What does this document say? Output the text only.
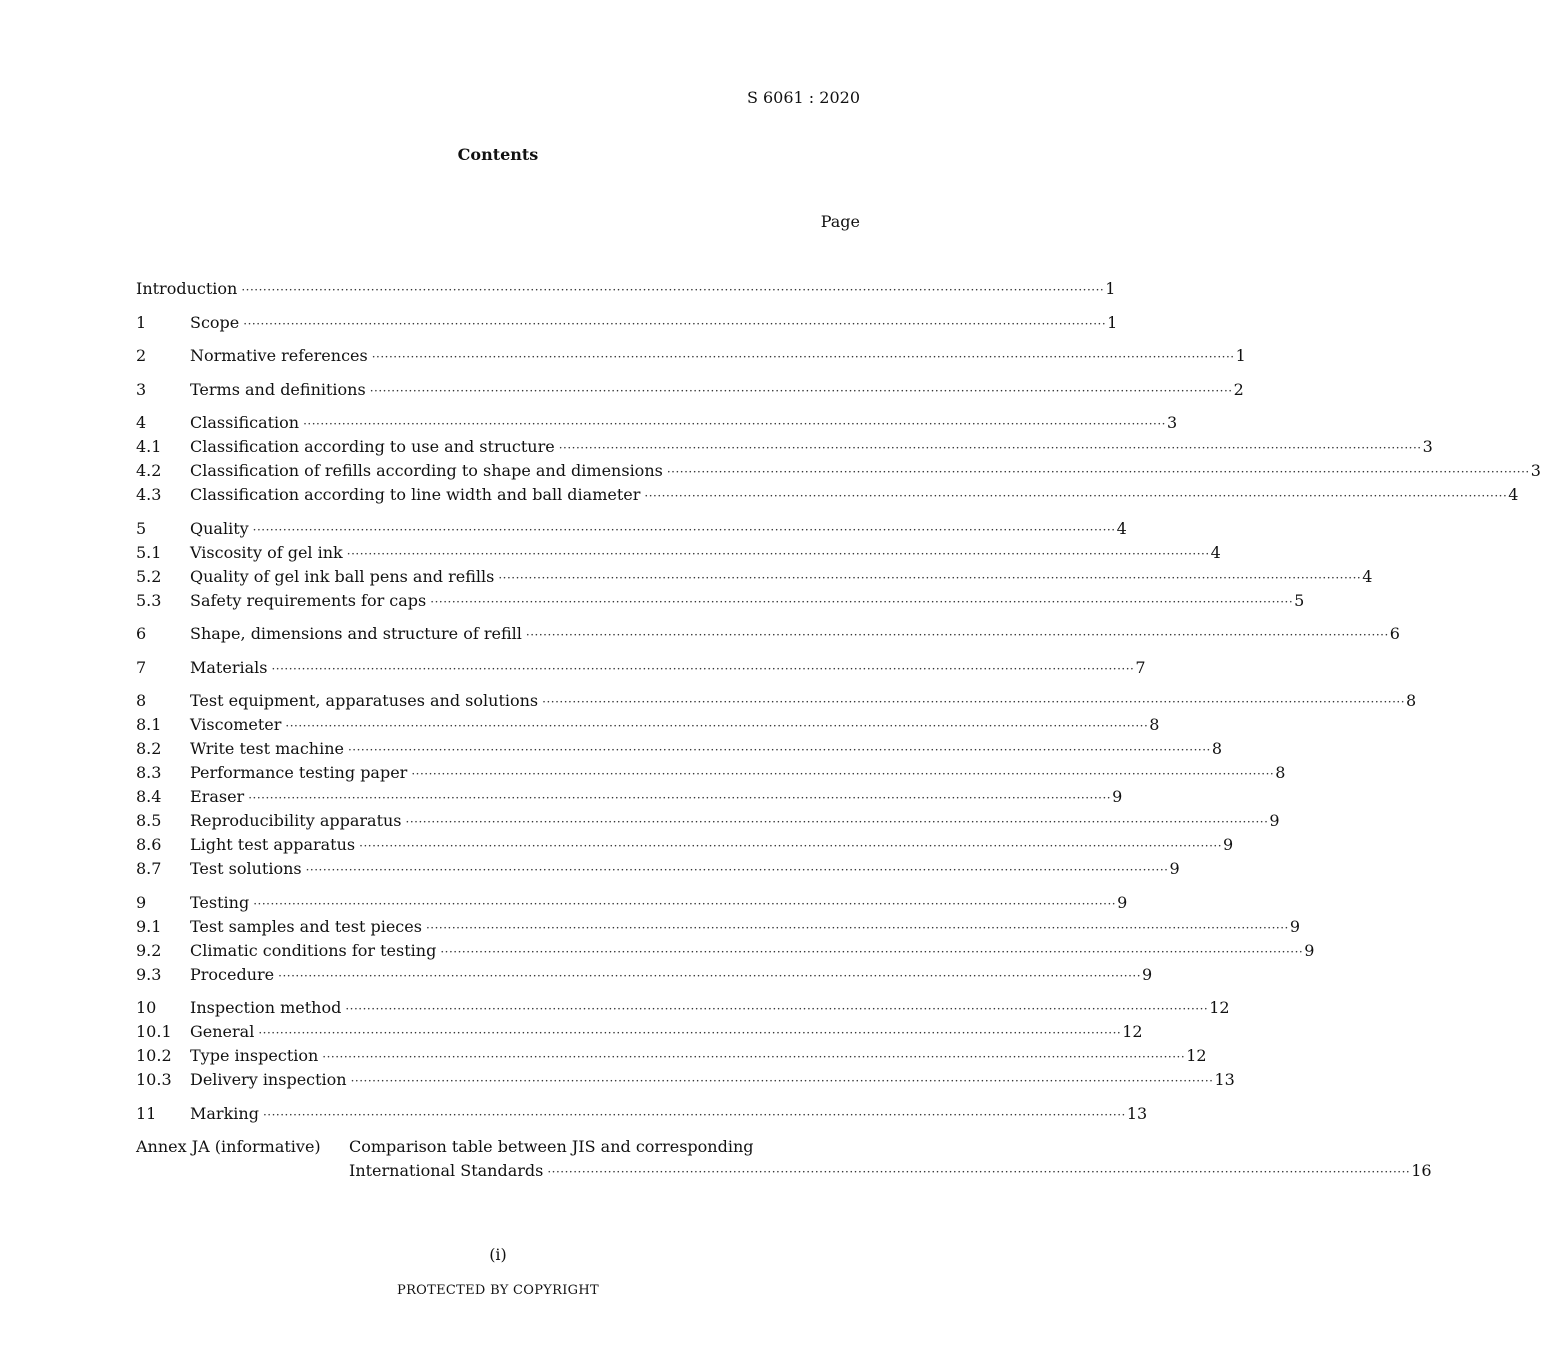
S 6061 : 2020
Contents
Page
Introduction ········································································································································································································ 1
1	Scope ········································································································································································································ 1
2	Normative references ········································································································································································································ 1
3	Terms and definitions ········································································································································································································ 2
4	Classification ········································································································································································································ 3
4.1	Classification according to use and structure ········································································································································································································ 3
4.2	Classification of refills according to shape and dimensions ········································································································································································································ 3
4.3	Classification according to line width and ball diameter ········································································································································································································ 4
5	Quality ········································································································································································································ 4
5.1	Viscosity of gel ink ········································································································································································································ 4
5.2	Quality of gel ink ball pens and refills ········································································································································································································ 4
5.3	Safety requirements for caps ········································································································································································································ 5
6	Shape, dimensions and structure of refill ········································································································································································································ 6
7	Materials ········································································································································································································ 7
8	Test equipment, apparatuses and solutions ········································································································································································································ 8
8.1	Viscometer ········································································································································································································ 8
8.2	Write test machine ········································································································································································································ 8
8.3	Performance testing paper ········································································································································································································ 8
8.4	Eraser ········································································································································································································ 9
8.5	Reproducibility apparatus ········································································································································································································ 9
8.6	Light test apparatus ········································································································································································································ 9
8.7	Test solutions ········································································································································································································ 9
9	Testing ········································································································································································································ 9
9.1	Test samples and test pieces ········································································································································································································ 9
9.2	Climatic conditions for testing ········································································································································································································ 9
9.3	Procedure ········································································································································································································ 9
10	Inspection method ········································································································································································································ 12
10.1	General ········································································································································································································ 12
10.2	Type inspection ········································································································································································································ 12
10.3	Delivery inspection ········································································································································································································ 13
11	Marking ········································································································································································································ 13
Annex JA (informative)	Comparison table between JIS and corresponding
International Standards ········································································································································································································ 16
(i)
PROTECTED BY COPYRIGHT
